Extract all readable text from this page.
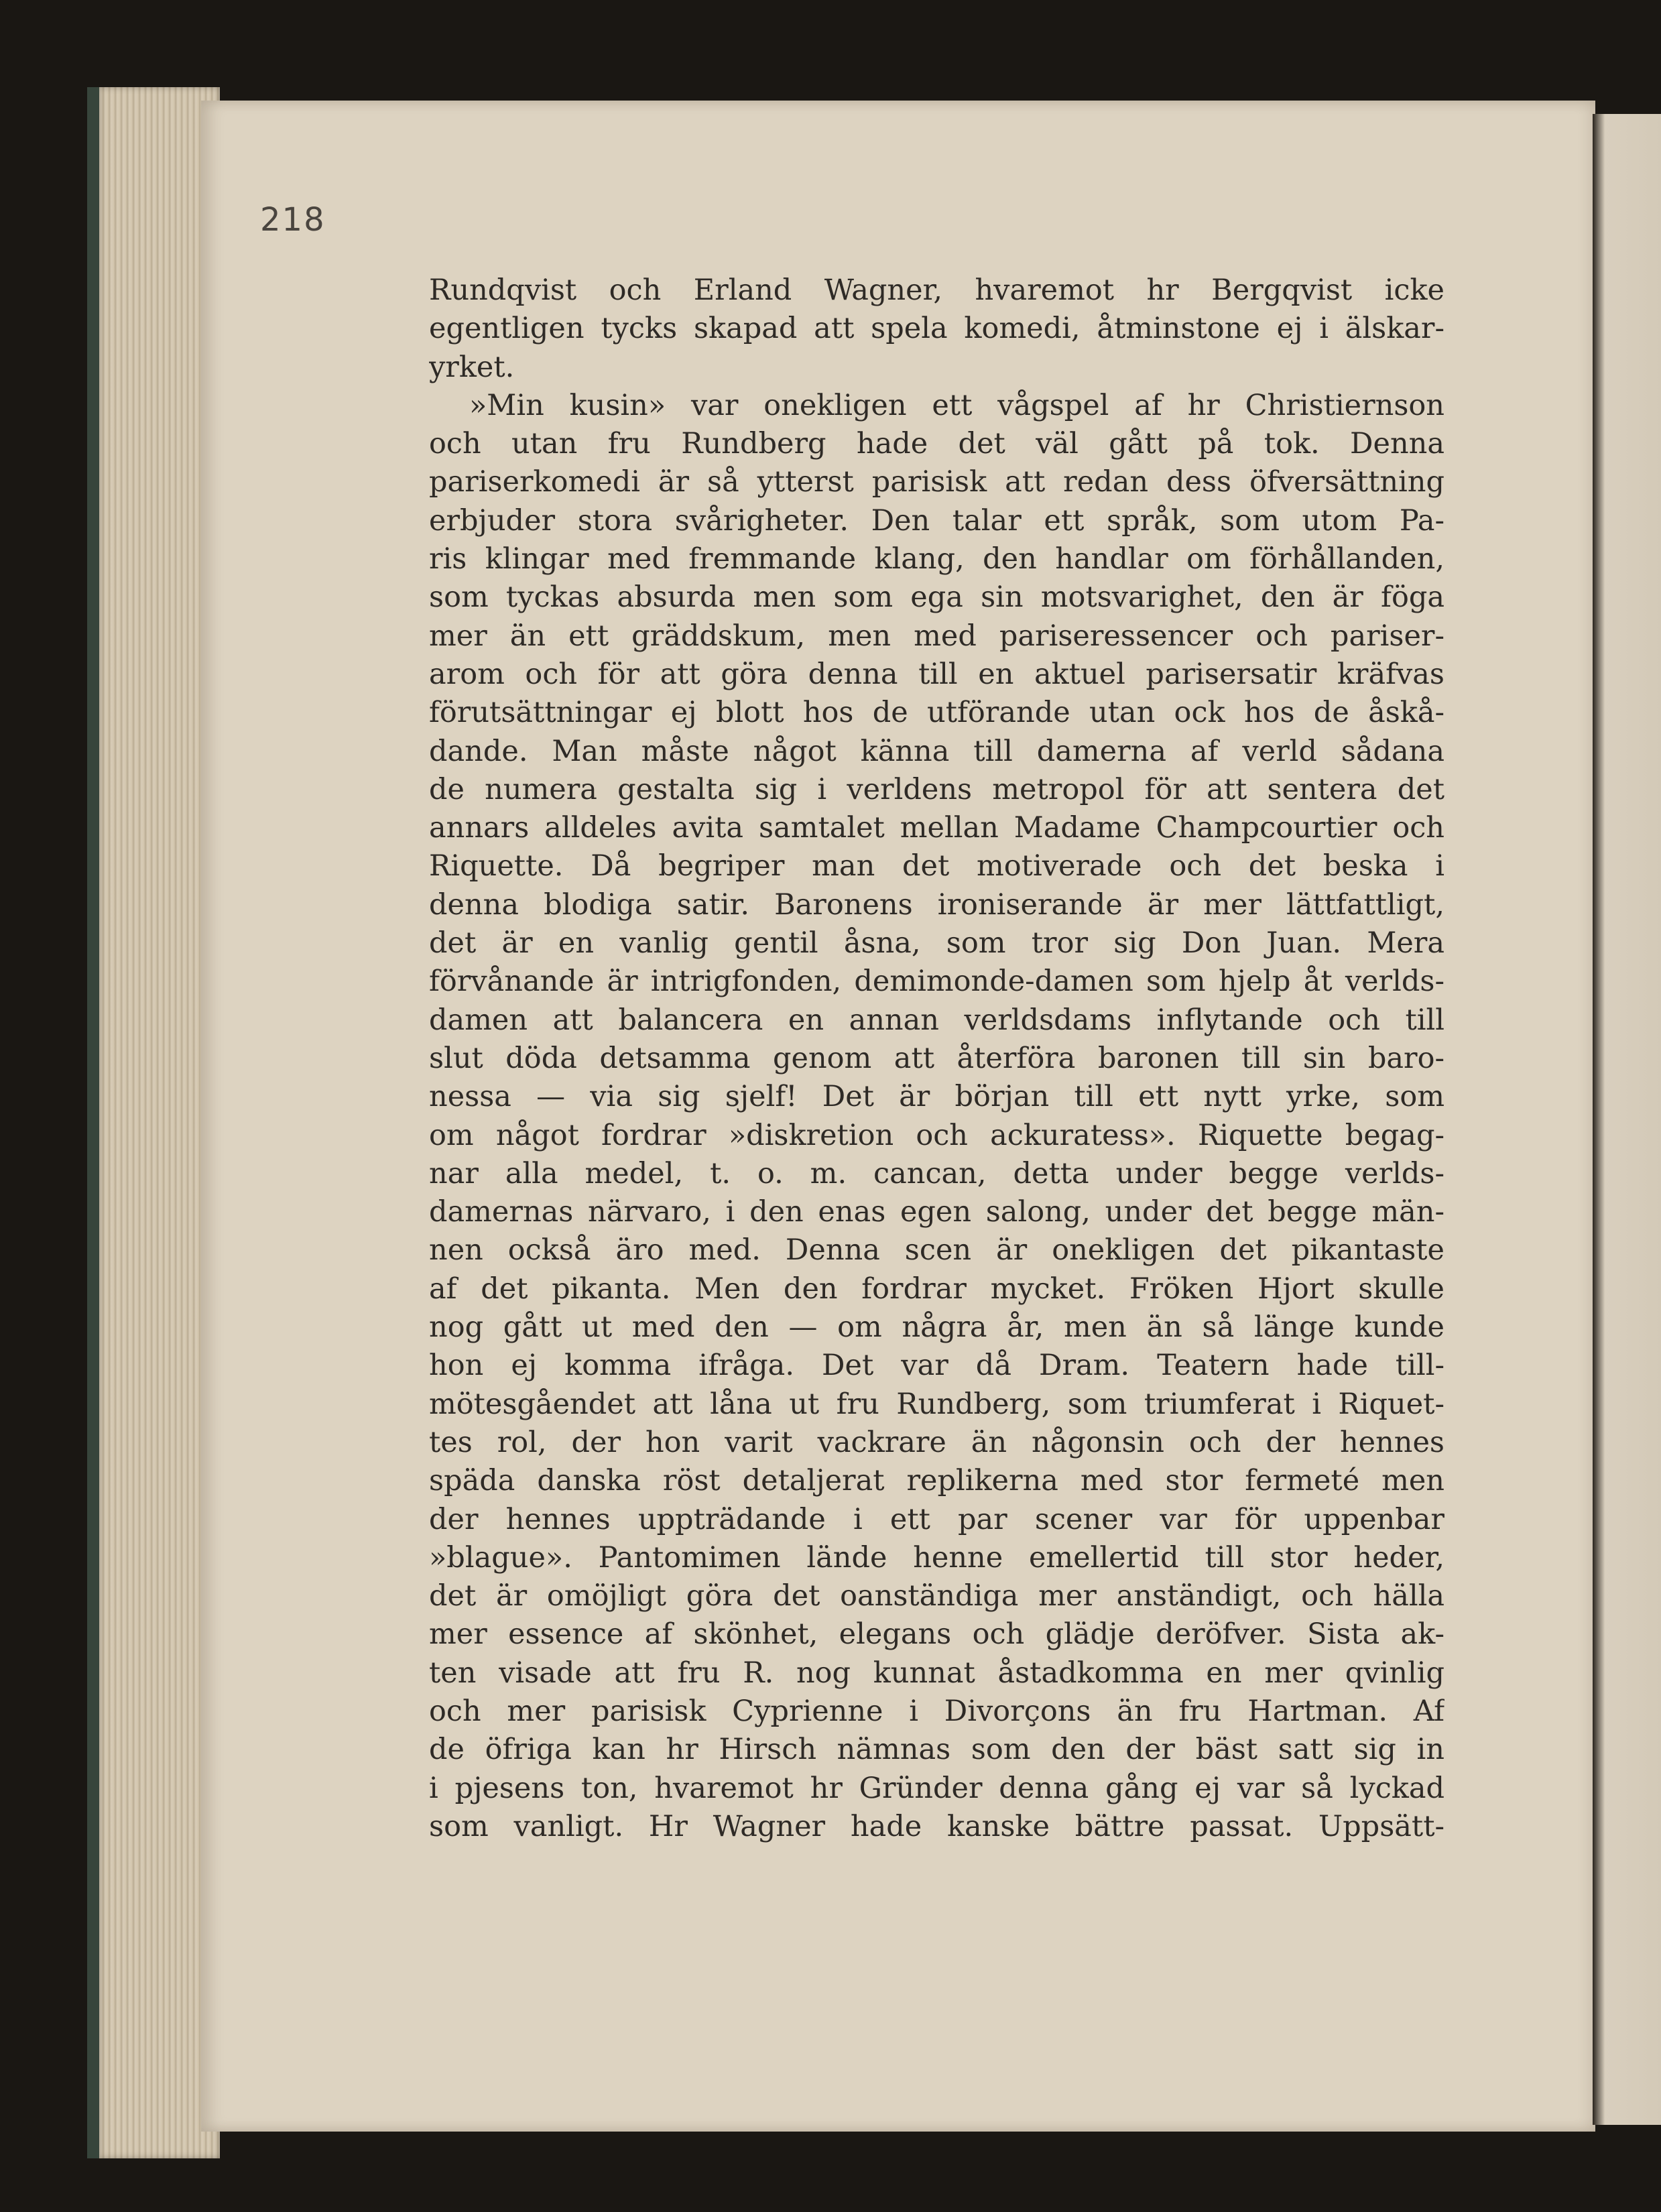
218
Rundqvist och Erland Wagner, hvaremot hr Bergqvist icke
egentligen tycks skapad att spela komedi, åtminstone ej i älskar-
yrket.
»Min kusin» var onekligen ett vågspel af hr Christiernson
och utan fru Rundberg hade det väl gått på tok. Denna
pariserkomedi är så ytterst parisisk att redan dess öfversättning
erbjuder stora svårigheter. Den talar ett språk, som utom Pa-
ris klingar med fremmande klang, den handlar om förhållanden,
som tyckas absurda men som ega sin motsvarighet, den är föga
mer än ett gräddskum, men med pariseressencer och pariser-
arom och för att göra denna till en aktuel parisersatir kräfvas
förutsättningar ej blott hos de utförande utan ock hos de åskå-
dande. Man måste något känna till damerna af verld sådana
de numera gestalta sig i verldens metropol för att sentera det
annars alldeles avita samtalet mellan Madame Champcourtier och
Riquette. Då begriper man det motiverade och det beska i
denna blodiga satir. Baronens ironiserande är mer lättfattligt,
det är en vanlig gentil åsna, som tror sig Don Juan. Mera
förvånande är intrigfonden, demimonde-damen som hjelp åt verlds-
damen att balancera en annan verldsdams inflytande och till
slut döda detsamma genom att återföra baronen till sin baro-
nessa — via sig sjelf! Det är början till ett nytt yrke, som
om något fordrar »diskretion och ackuratess». Riquette begag-
nar alla medel, t. o. m. cancan, detta under begge verlds-
damernas närvaro, i den enas egen salong, under det begge män-
nen också äro med. Denna scen är onekligen det pikantaste
af det pikanta. Men den fordrar mycket. Fröken Hjort skulle
nog gått ut med den — om några år, men än så länge kunde
hon ej komma ifråga. Det var då Dram. Teatern hade till-
mötesgåendet att låna ut fru Rundberg, som triumferat i Riquet-
tes rol, der hon varit vackrare än någonsin och der hennes
späda danska röst detaljerat replikerna med stor fermeté men
der hennes uppträdande i ett par scener var för uppenbar
»blague». Pantomimen lände henne emellertid till stor heder,
det är omöjligt göra det oanständiga mer anständigt, och hälla
mer essence af skönhet, elegans och glädje deröfver. Sista ak-
ten visade att fru R. nog kunnat åstadkomma en mer qvinlig
och mer parisisk Cyprienne i Divorçons än fru Hartman. Af
de öfriga kan hr Hirsch nämnas som den der bäst satt sig in
i pjesens ton, hvaremot hr Gründer denna gång ej var så lyckad
som vanligt. Hr Wagner hade kanske bättre passat. Uppsätt-
